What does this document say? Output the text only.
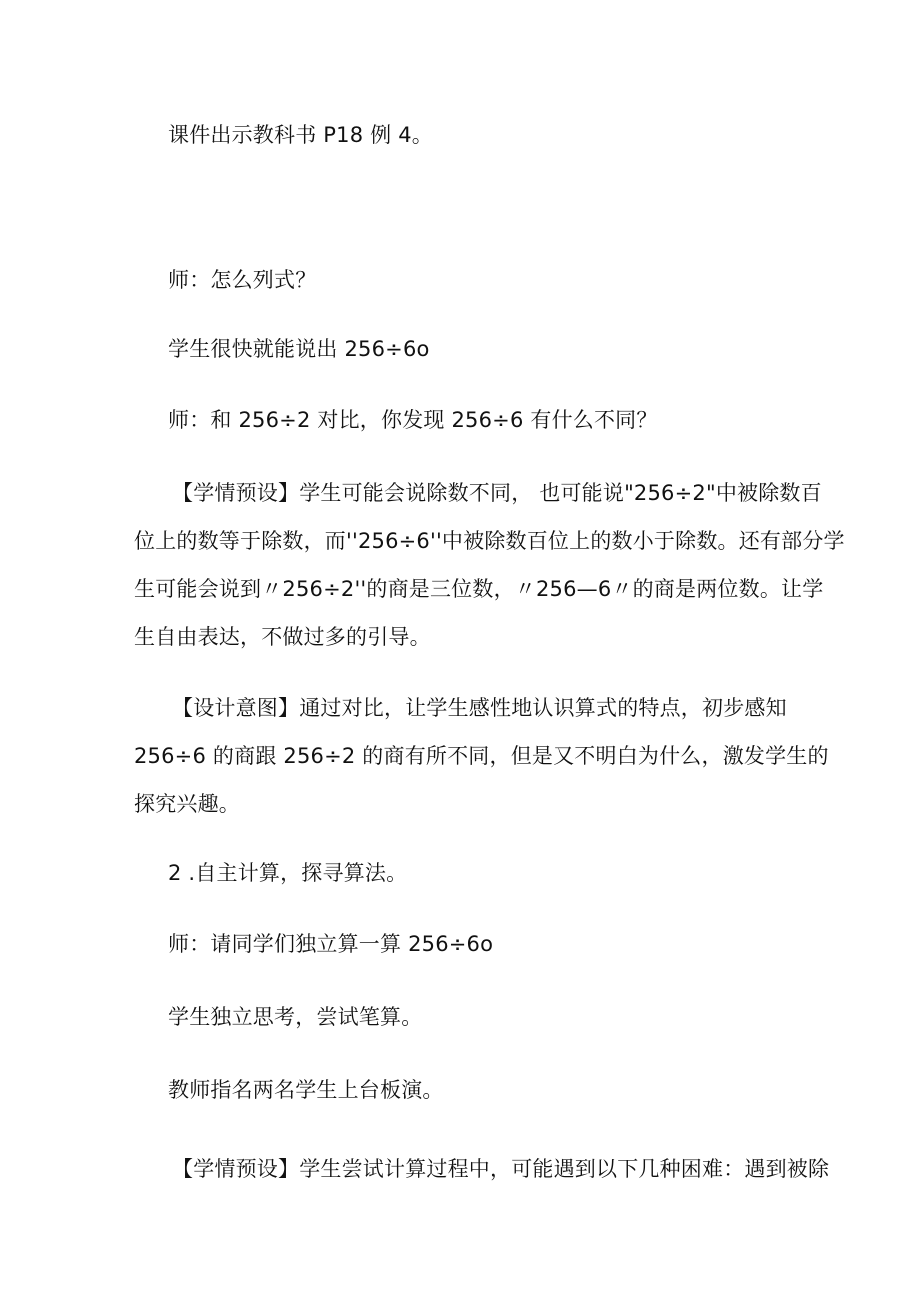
课件出示教科书 P18 例 4。
师：怎么列式？
学生很快就能说出 256÷6o
师：和 256÷2 对比，你发现 256÷6 有什么不同？
【学情预设】学生可能会说除数不同， 也可能说"256÷2"中被除数百
位上的数等于除数，而''256÷6''中被除数百位上的数小于除数。还有部分学
生可能会说到〃256÷2''的商是三位数，〃256—6〃的商是两位数。让学
生自由表达，不做过多的引导。
【设计意图】通过对比，让学生感性地认识算式的特点，初步感知
256÷6 的商跟 256÷2 的商有所不同，但是又不明白为什么，激发学生的
探究兴趣。
2 .自主计算，探寻算法。
师：请同学们独立算一算 256÷6o
学生独立思考，尝试笔算。
教师指名两名学生上台板演。
【学情预设】学生尝试计算过程中，可能遇到以下几种困难：遇到被除
